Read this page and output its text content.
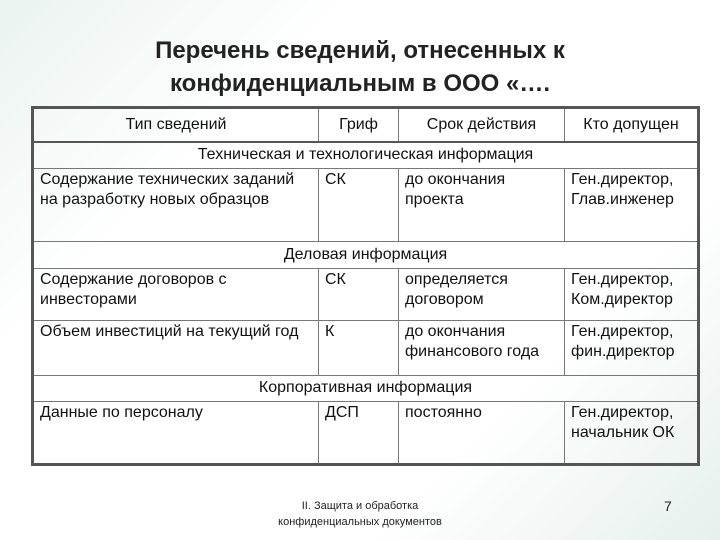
Перечень сведений, отнесенных к
конфиденциальным в ООО «….
Тип сведений	Гриф	Срок действия	Кто допущен
Техническая и технологическая информация			
Содержание технических заданий на разработку новых образцов	СК	до окончания проекта	Ген.директор, Глав.инженер
Деловая информация			
Содержание договоров с инвесторами	СК	определяется договором	Ген.директор, Ком.директор
Объем инвестиций на текущий год	К	до окончания финансового года	Ген.директор, фин.директор
Корпоративная информация			
Данные по персоналу	ДСП	постоянно	Ген.директор, начальник ОК
II. Защита и обработка
конфиденциальных документов
7
